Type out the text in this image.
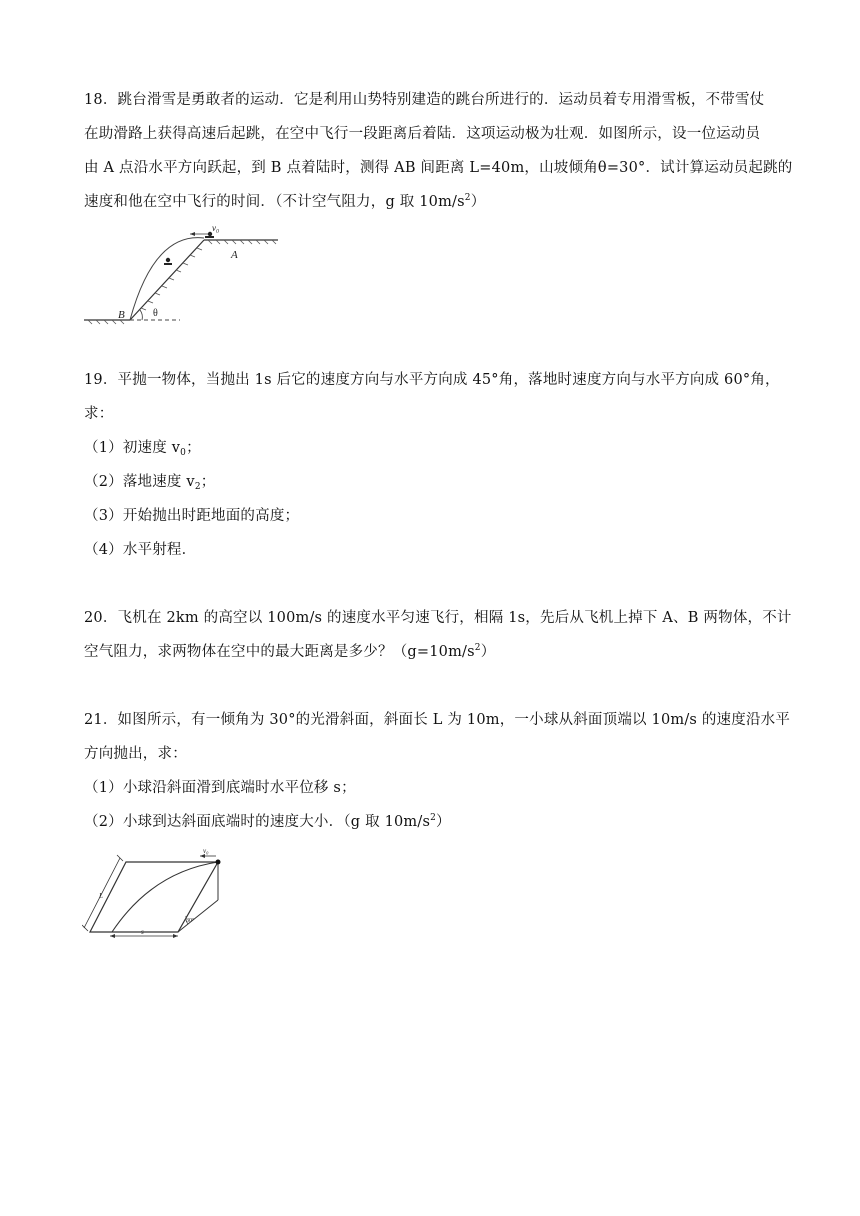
18．跳台滑雪是勇敢者的运动．它是利用山势特别建造的跳台所进行的．运动员着专用滑雪板，不带雪仗
在助滑路上获得高速后起跳，在空中飞行一段距离后着陆．这项运动极为壮观．如图所示，设一位运动员
由 A 点沿水平方向跃起，到 B 点着陆时，测得 AB 间距离 L=40m，山坡倾角θ=30°．试计算运动员起跳的
速度和他在空中飞行的时间．（不计空气阻力，g 取 $10m/s^2$）
v₀
A
B	θ
19．平抛一物体，当抛出 1s 后它的速度方向与水平方向成 45°角，落地时速度方向与水平方向成 60°角，
求：
（1）初速度 $v_0$；
（2）落地速度 $v_2$；
（3）开始抛出时距地面的高度；
（4）水平射程．
20．飞机在 2km 的高空以 100m/s 的速度水平匀速飞行，相隔 1s，先后从飞机上掉下 A、B 两物体，不计
空气阻力，求两物体在空中的最大距离是多少？$(g=10m/s^2)$
21．如图所示，有一倾角为 30°的光滑斜面，斜面长 L 为 10m，一小球从斜面顶端以 10m/s 的速度沿水平
方向抛出，求：
（1）小球沿斜面滑到底端时水平位移 s；
（2）小球到达斜面底端时的速度大小．（g 取 $10m/s^2$）
v₀
L
s
30°
